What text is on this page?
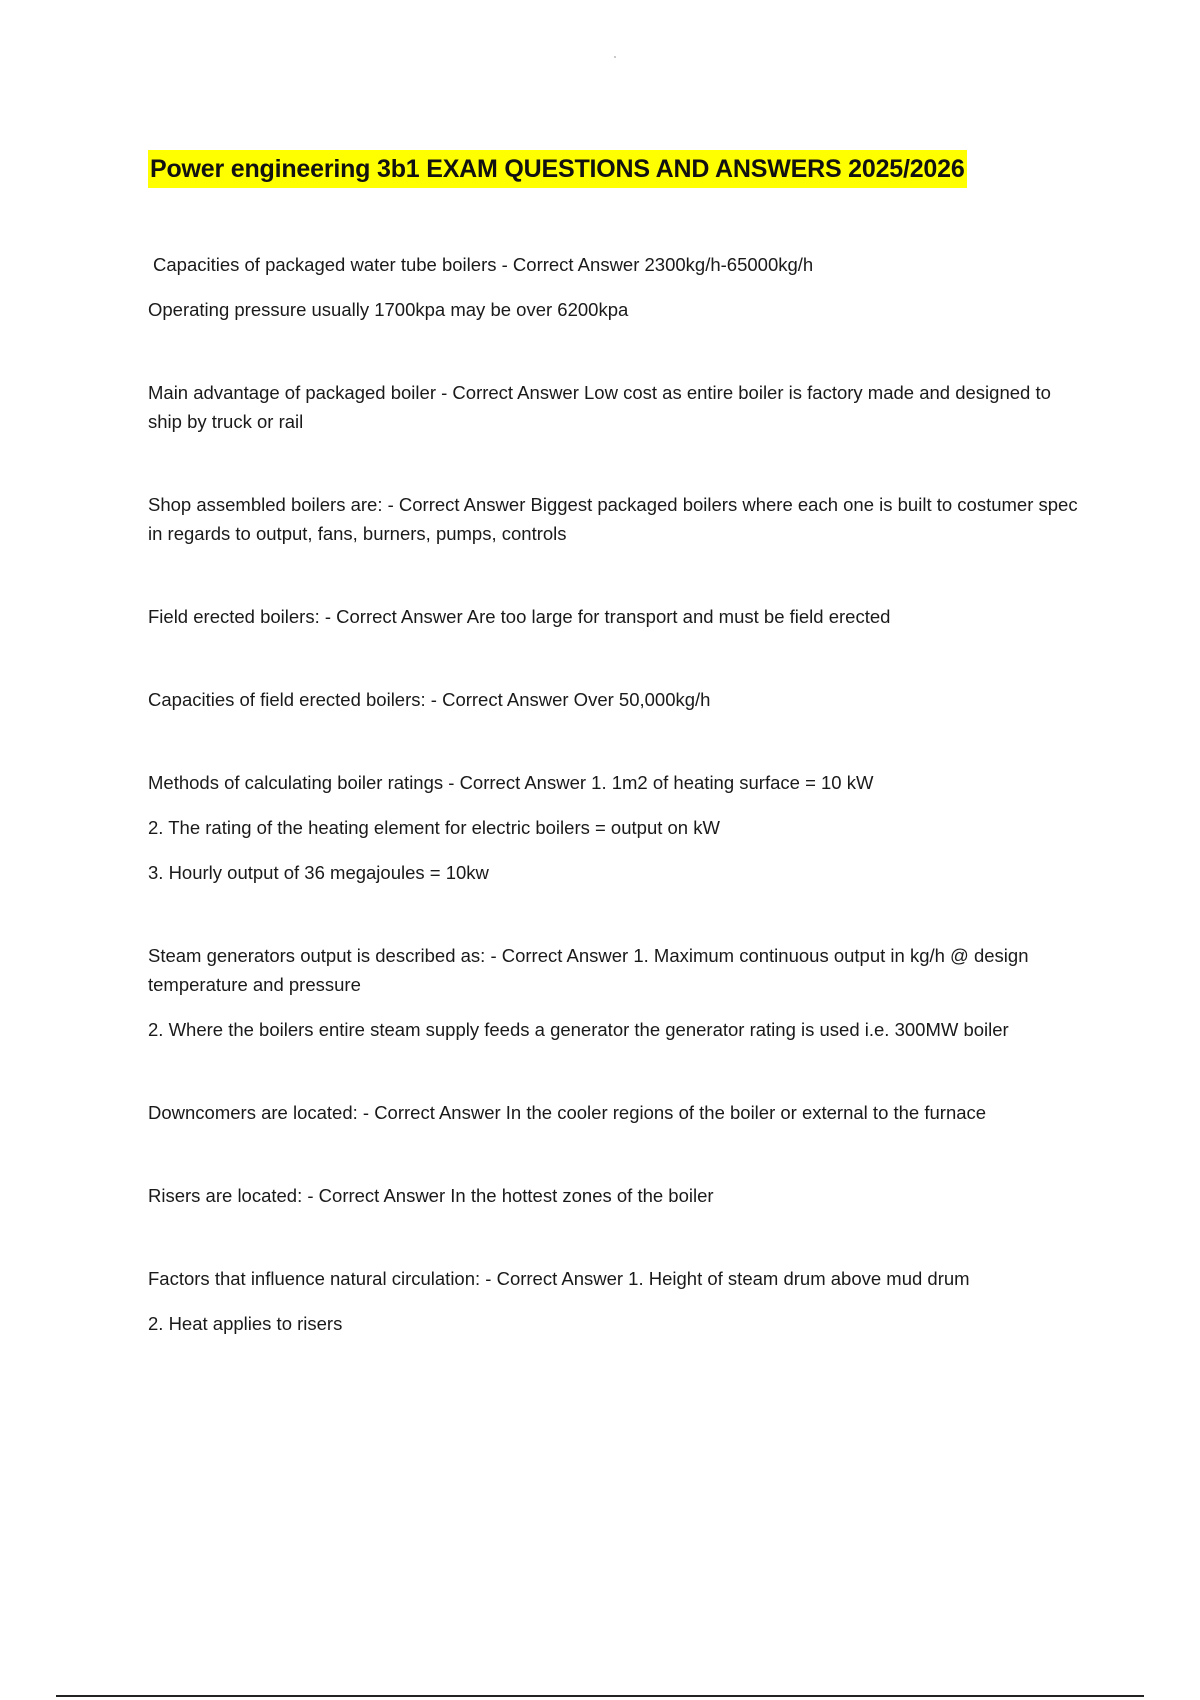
Power engineering 3b1 EXAM QUESTIONS AND ANSWERS 2025/2026

Capacities of packaged water tube boilers - Correct Answer 2300kg/h-65000kg/h

Operating pressure usually 1700kpa may be over 6200kpa

Main advantage of packaged boiler - Correct Answer Low cost as entire boiler is factory made and designed to ship by truck or rail

Shop assembled boilers are: - Correct Answer Biggest packaged boilers where each one is built to costumer spec in regards to output, fans, burners, pumps, controls

Field erected boilers: - Correct Answer Are too large for transport and must be field erected

Capacities of field erected boilers: - Correct Answer Over 50,000kg/h

Methods of calculating boiler ratings - Correct Answer 1. 1m2 of heating surface = 10 kW

2. The rating of the heating element for electric boilers = output on kW

3. Hourly output of 36 megajoules = 10kw

Steam generators output is described as: - Correct Answer 1. Maximum continuous output in kg/h @ design temperature and pressure

2. Where the boilers entire steam supply feeds a generator the generator rating is used i.e. 300MW boiler

Downcomers are located: - Correct Answer In the cooler regions of the boiler or external to the furnace

Risers are located: - Correct Answer In the hottest zones of the boiler

Factors that influence natural circulation: - Correct Answer 1. Height of steam drum above mud drum

2. Heat applies to risers
